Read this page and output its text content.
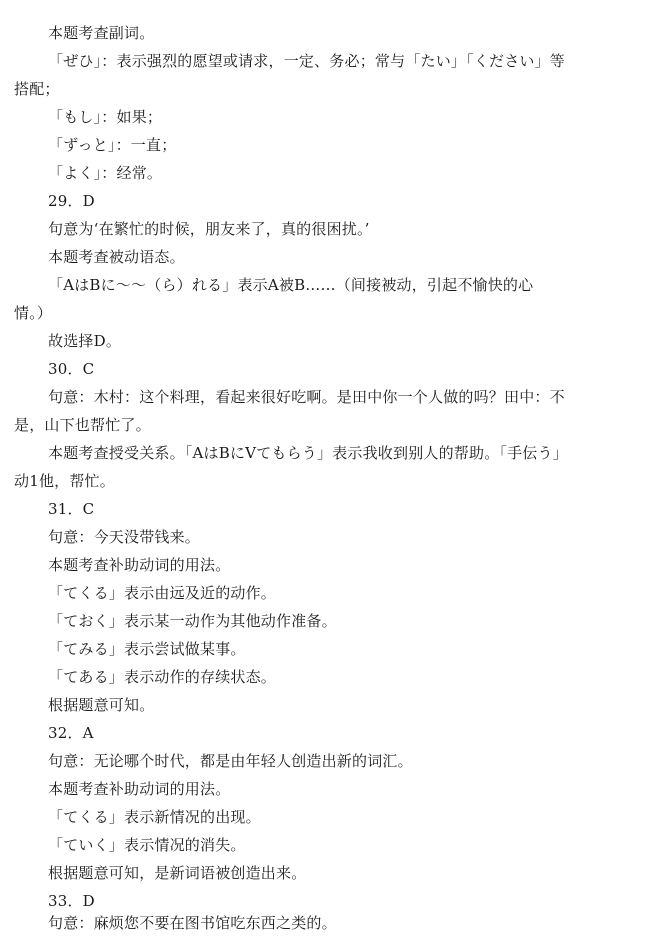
本题考查副词。
「ぜひ」：表示强烈的愿望或请求，一定、务必；常与「たい」「ください」等
搭配；
「もし」：如果；
「ずっと」：一直；
「よく」：经常。
29．D
句意为‘在繁忙的时候，朋友来了，真的很困扰。’
本题考查被动语态。
「AはBに～～（ら）れる」表示A被B……（间接被动，引起不愉快的心
情。）
故选择D。
30．C
句意：木村：这个料理，看起来很好吃啊。是田中你一个人做的吗？田中：不
是，山下也帮忙了。
本题考查授受关系。「AはBにVてもらう」表示我收到别人的帮助。「手伝う」
动1他，帮忙。
31．C
句意：今天没带钱来。
本题考查补助动词的用法。
「てくる」表示由远及近的动作。
「ておく」表示某一动作为其他动作准备。
「てみる」表示尝试做某事。
「てある」表示动作的存续状态。
根据题意可知。
32．A
句意：无论哪个时代，都是由年轻人创造出新的词汇。
本题考查补助动词的用法。
「てくる」表示新情况的出现。
「ていく」表示情况的消失。
根据题意可知，是新词语被创造出来。
33．D
句意：麻烦您不要在图书馆吃东西之类的。
